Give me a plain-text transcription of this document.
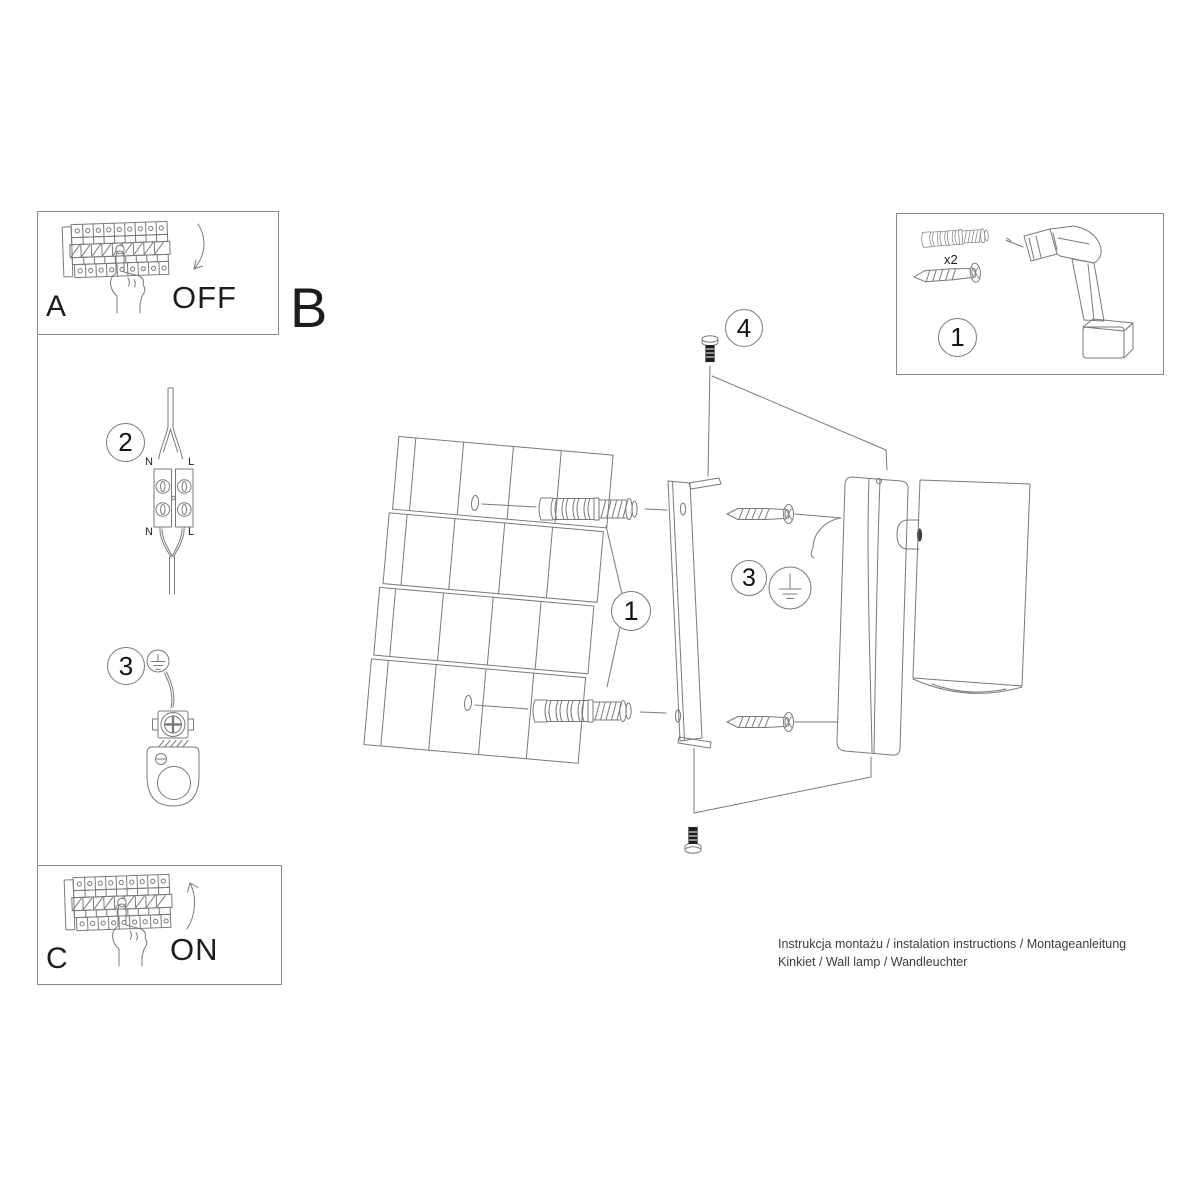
A	OFF B
C	ON
2
3
1
1
3
4
N	L
N	L
x2
Instrukcja montażu / instalation instructions / Montageanleitung
Kinkiet / Wall lamp / Wandleuchter
